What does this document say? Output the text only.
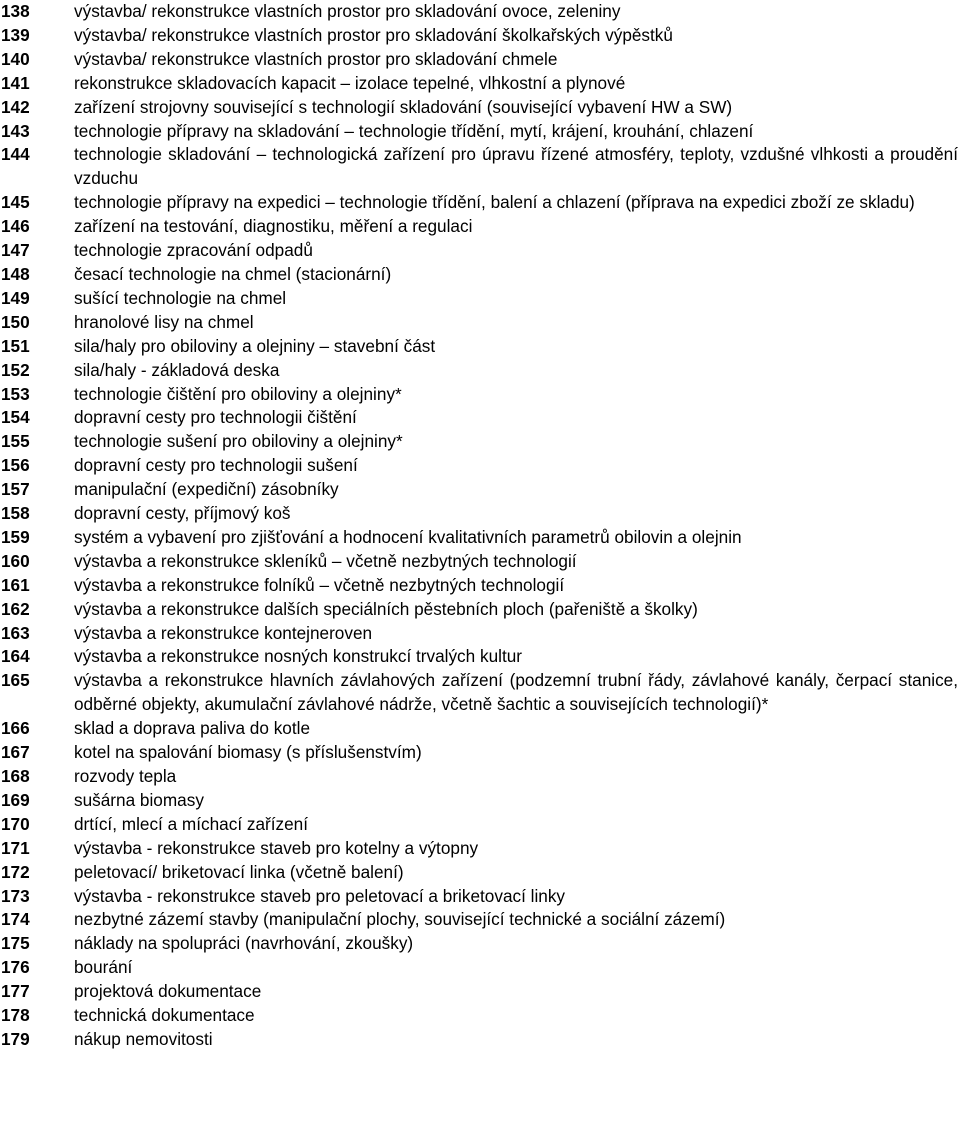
138	výstavba/ rekonstrukce vlastních prostor pro skladování ovoce, zeleniny
139	výstavba/ rekonstrukce vlastních prostor pro skladování školkařských výpěstků
140	výstavba/ rekonstrukce vlastních prostor pro skladování chmele
141	rekonstrukce skladovacích kapacit – izolace tepelné, vlhkostní a plynové
142	zařízení strojovny související s technologií skladování (související vybavení HW a SW)
143	technologie přípravy na skladování – technologie třídění, mytí, krájení, krouhání, chlazení
144	technologie skladování – technologická zařízení pro úpravu řízené atmosféry, teploty, vzdušné vlhkosti a proudění vzduchu
145	technologie přípravy na expedici – technologie třídění, balení a chlazení (příprava na expedici zboží ze skladu)
146	zařízení na testování, diagnostiku, měření a regulaci
147	technologie zpracování odpadů
148	česací technologie na chmel (stacionární)
149	sušící technologie na chmel
150	hranolové lisy na chmel
151	sila/haly pro obiloviny a olejniny – stavební část
152	sila/haly - základová deska
153	technologie čištění pro obiloviny a olejniny*
154	dopravní cesty pro technologii čištění
155	technologie sušení pro obiloviny a olejniny*
156	dopravní cesty pro technologii sušení
157	manipulační (expediční) zásobníky
158	dopravní cesty, příjmový koš
159	systém a vybavení pro zjišťování a hodnocení kvalitativních parametrů obilovin a olejnin
160	výstavba a rekonstrukce skleníků – včetně nezbytných technologií
161	výstavba a rekonstrukce folníků – včetně nezbytných technologií
162	výstavba a rekonstrukce dalších speciálních pěstebních ploch (pařeniště a školky)
163	výstavba a rekonstrukce kontejneroven
164	výstavba a rekonstrukce nosných konstrukcí trvalých kultur
165	výstavba a rekonstrukce hlavních závlahových zařízení (podzemní trubní řády, závlahové kanály, čerpací stanice, odběrné objekty, akumulační závlahové nádrže, včetně šachtic a souvisejících technologií)*
166	sklad a doprava paliva do kotle
167	kotel na spalování biomasy (s příslušenstvím)
168	rozvody tepla
169	sušárna biomasy
170	drtící, mlecí a míchací zařízení
171	výstavba - rekonstrukce staveb pro kotelny a výtopny
172	peletovací/ briketovací linka (včetně balení)
173	výstavba - rekonstrukce staveb pro peletovací a briketovací linky
174	nezbytné zázemí stavby (manipulační plochy, související technické a sociální zázemí)
175	náklady na spolupráci (navrhování, zkoušky)
176	bourání
177	projektová dokumentace
178	technická dokumentace
179	nákup nemovitosti
